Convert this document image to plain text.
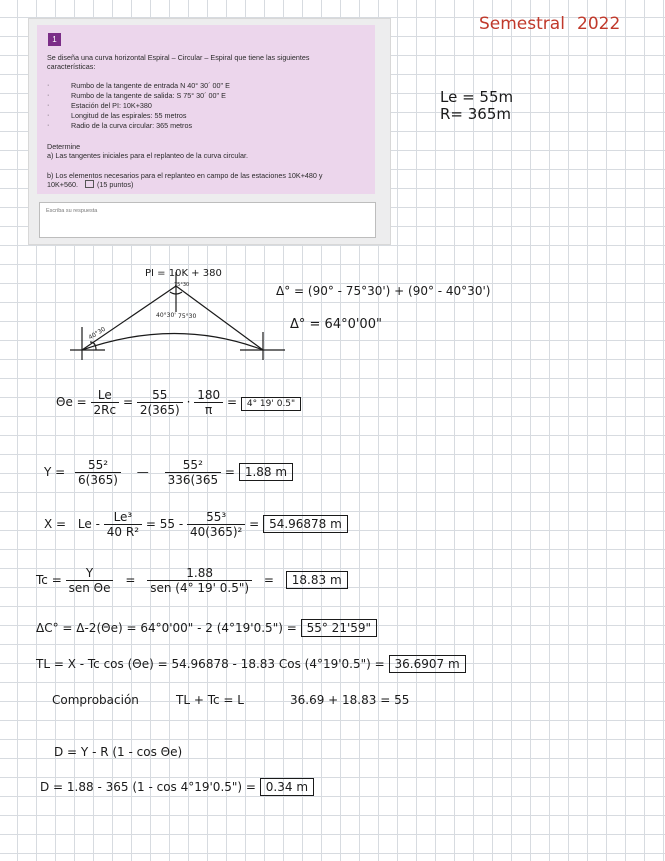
Semestral 2022
1
Se diseña una curva horizontal Espiral – Circular – Espiral que tiene las siguientes
características:
·	Rumbo de la tangente de entrada N 40° 30´ 00" E
·	Rumbo de la tangente de salida: S 75° 30´ 00" E
·	Estación del PI: 10K+380
·	Longitud de las espirales: 55 metros
·	Radio de la curva circular: 365 metros
Determine
a) Las tangentes iniciales para el replanteo de la curva circular.
b) Los elementos necesarios para el replanteo en campo de las estaciones 10K+480 y
10K+560.	(15 puntos)
Escriba su respuesta
Le = 55m
R= 365m
PI = 10K + 380
40°30
40°30' 75°30
75°30	Δ° = (90° - 75°30') + (90° - 40°30')
Δ° = 64°0'00"
$\Theta e = \frac{Le}{2Rc} = \frac{55}{2(365)} \cdot \frac{180}{\pi} = 4^\circ$ 19' 0.5"
$Y = \frac{\text{55²}}{6(365)}$ — $\frac{\text{55²}}{336(365} = 1.88$ m
$X = Le - \frac{\text{Le³}}{\text{40 R²}} = 55 - \frac{\text{55³}}{\text{40(365)²}} = 54.96878$ m
$Tc = \frac{Y}{\text{sen Θe}} = \frac{1.88}{\text{sen (4° 19' 0.5")}} = 18.83$ m
ΔC° = Δ-2(Θe) = 64°0'00" - 2 (4°19'0.5") = 55° 21'59"
TL = X - Tc cos (Θe) = 54.96878 - 18.83 Cos (4°19'0.5") = 36.6907 m
Comprobación	TL + Tc = L	36.69 + 18.83 = 55
D = Y - R (1 - cos Θe)
D = 1.88 - 365 (1 - cos 4°19'0.5") = 0.34 m
